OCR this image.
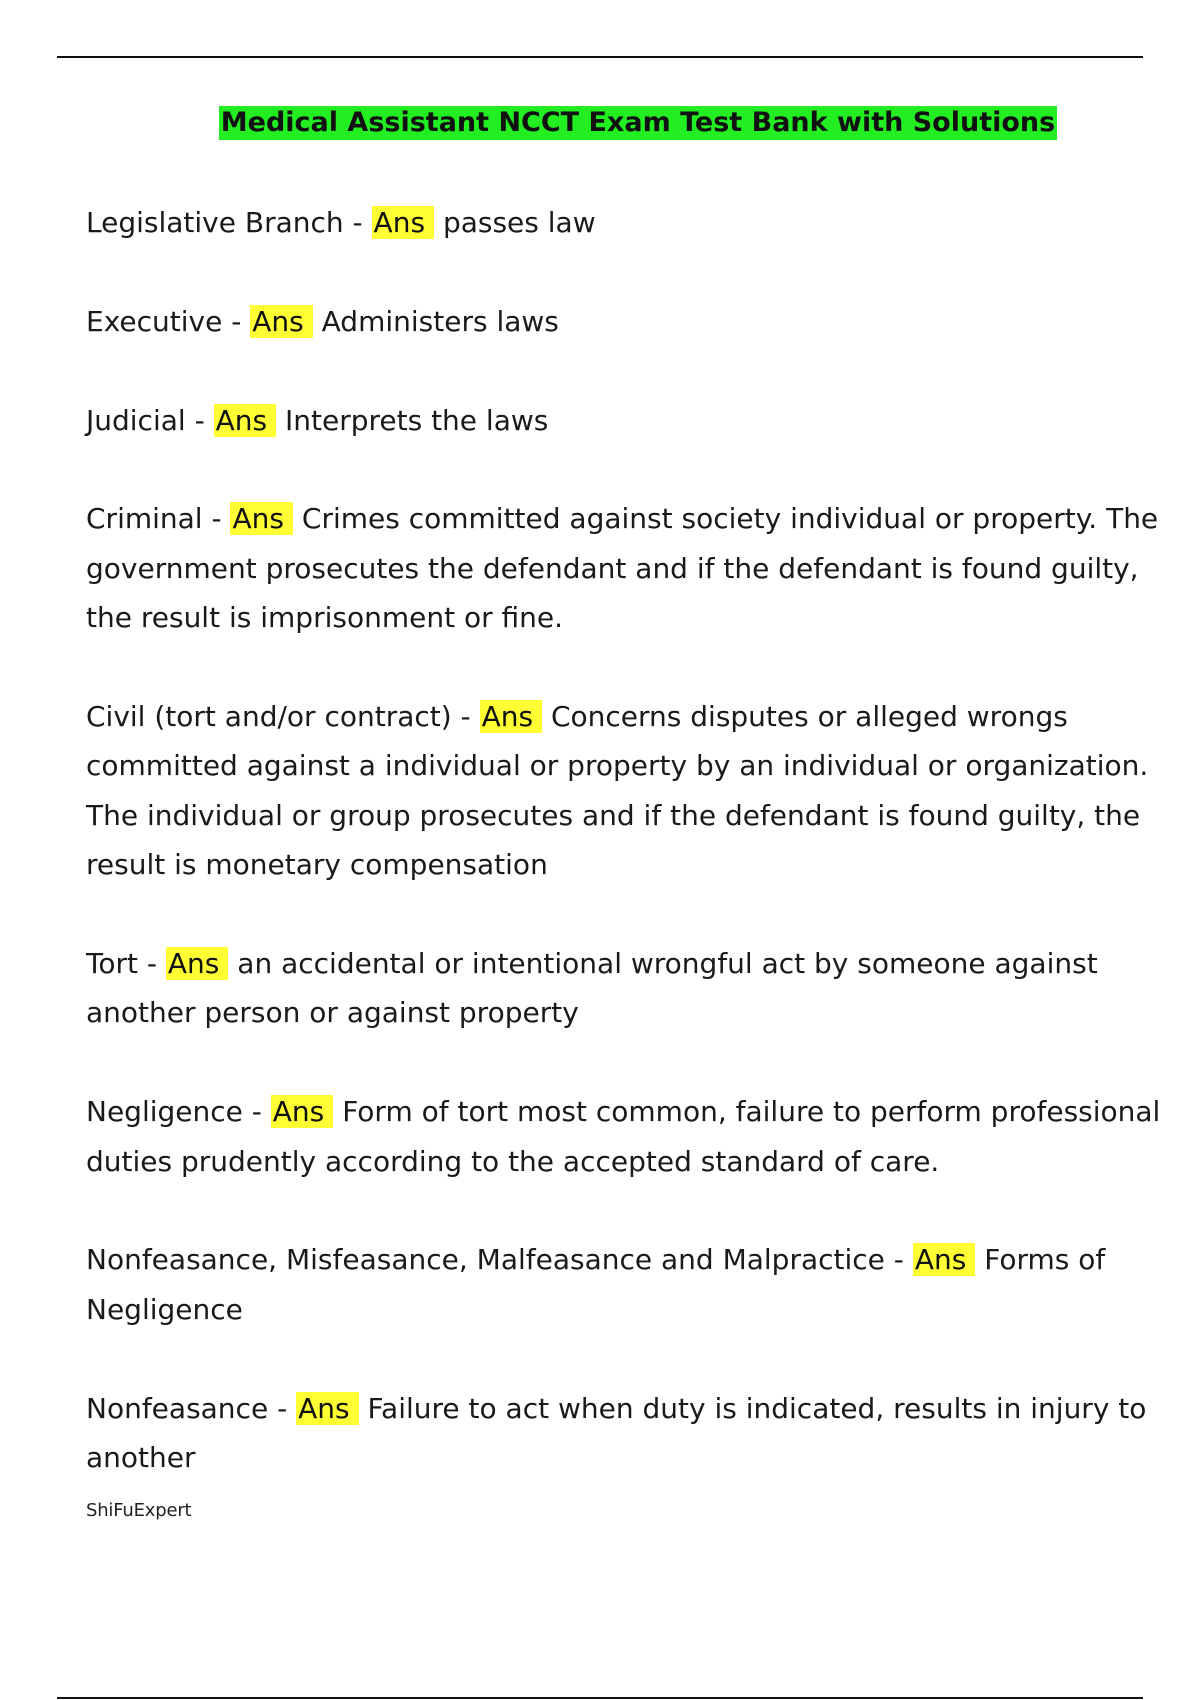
Medical Assistant NCCT Exam Test Bank with Solutions

Legislative Branch - Ans passes law

Executive - Ans Administers laws

Judicial - Ans Interprets the laws

Criminal - Ans Crimes committed against society individual or property. The government prosecutes the defendant and if the defendant is found guilty, the result is imprisonment or fine.

Civil (tort and/or contract) - Ans Concerns disputes or alleged wrongs committed against a individual or property by an individual or organization. The individual or group prosecutes and if the defendant is found guilty, the result is monetary compensation

Tort - Ans an accidental or intentional wrongful act by someone against another person or against property

Negligence - Ans Form of tort most common, failure to perform professional duties prudently according to the accepted standard of care.

Nonfeasance, Misfeasance, Malfeasance and Malpractice - Ans Forms of Negligence

Nonfeasance - Ans Failure to act when duty is indicated, results in injury to another

ShiFuExpert
